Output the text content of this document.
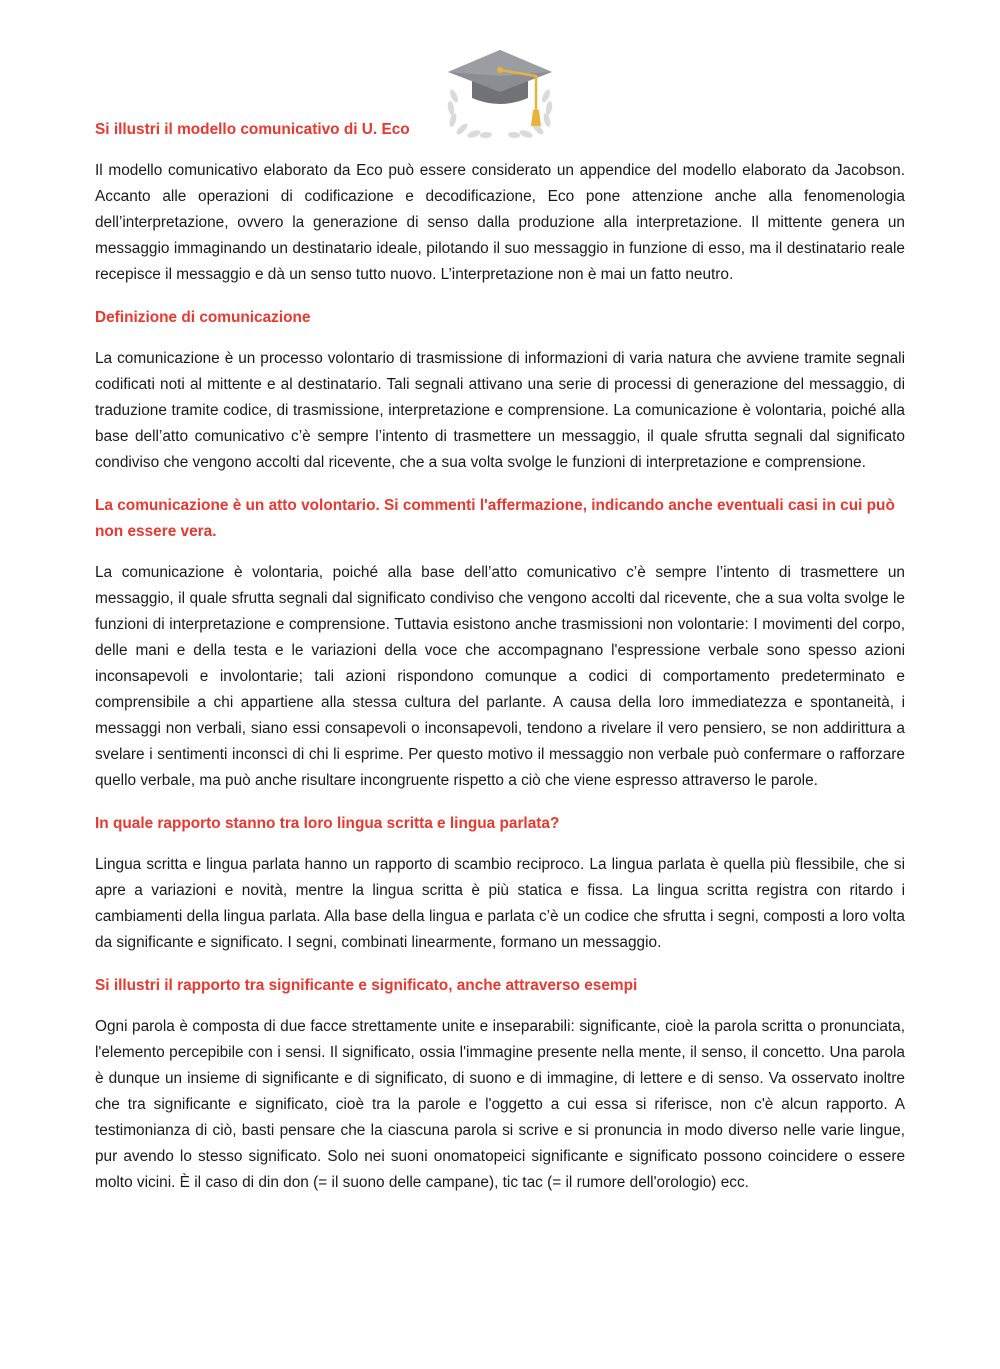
Si illustri il modello comunicativo di U. Eco

Il modello comunicativo elaborato da Eco può essere considerato un appendice del modello elaborato da Jacobson. Accanto alle operazioni di codificazione e decodificazione, Eco pone attenzione anche alla fenomenologia dell’interpretazione, ovvero la generazione di senso dalla produzione alla interpretazione. Il mittente genera un messaggio immaginando un destinatario ideale, pilotando il suo messaggio in funzione di esso, ma il destinatario reale recepisce il messaggio e dà un senso tutto nuovo. L’interpretazione non è mai un fatto neutro.

Definizione di comunicazione

La comunicazione è un processo volontario di trasmissione di informazioni di varia natura che avviene tramite segnali codificati noti al mittente e al destinatario. Tali segnali attivano una serie di processi di generazione del messaggio, di traduzione tramite codice, di trasmissione, interpretazione e comprensione. La comunicazione è volontaria, poiché alla base dell’atto comunicativo c’è sempre l’intento di trasmettere un messaggio, il quale sfrutta segnali dal significato condiviso che vengono accolti dal ricevente, che a sua volta svolge le funzioni di interpretazione e comprensione.

La comunicazione è un atto volontario. Si commenti l'affermazione, indicando anche eventuali casi in cui può non essere vera.

La comunicazione è volontaria, poiché alla base dell’atto comunicativo c’è sempre l’intento di trasmettere un messaggio, il quale sfrutta segnali dal significato condiviso che vengono accolti dal ricevente, che a sua volta svolge le funzioni di interpretazione e comprensione. Tuttavia esistono anche trasmissioni non volontarie: I movimenti del corpo, delle mani e della testa e le variazioni della voce che accompagnano l'espressione verbale sono spesso azioni inconsapevoli e involontarie; tali azioni rispondono comunque a codici di comportamento predeterminato e comprensibile a chi appartiene alla stessa cultura del parlante. A causa della loro immediatezza e spontaneità, i messaggi non verbali, siano essi consapevoli o inconsapevoli, tendono a rivelare il vero pensiero, se non addirittura a svelare i sentimenti inconsci di chi li esprime. Per questo motivo il messaggio non verbale può confermare o rafforzare quello verbale, ma può anche risultare incongruente rispetto a ciò che viene espresso attraverso le parole.

In quale rapporto stanno tra loro lingua scritta e lingua parlata?

Lingua scritta e lingua parlata hanno un rapporto di scambio reciproco. La lingua parlata è quella più flessibile, che si apre a variazioni e novità, mentre la lingua scritta è più statica e fissa. La lingua scritta registra con ritardo i cambiamenti della lingua parlata. Alla base della lingua e parlata c’è un codice che sfrutta i segni, composti a loro volta da significante e significato. I segni, combinati linearmente, formano un messaggio.

Si illustri il rapporto tra significante e significato, anche attraverso esempi

Ogni parola è composta di due facce strettamente unite e inseparabili: significante, cioè la parola scritta o pronunciata, l'elemento percepibile con i sensi. Il significato, ossia l'immagine presente nella mente, il senso, il concetto. Una parola è dunque un insieme di significante e di significato, di suono e di immagine, di lettere e di senso. Va osservato inoltre che tra significante e significato, cioè tra la parole e l'oggetto a cui essa si riferisce, non c'è alcun rapporto. A testimonianza di ciò, basti pensare che la ciascuna parola si scrive e si pronuncia in modo diverso nelle varie lingue, pur avendo lo stesso significato. Solo nei suoni onomatopeici significante e significato possono coincidere o essere molto vicini. È il caso di din don (= il suono delle campane), tic tac (= il rumore dell'orologio) ecc.
